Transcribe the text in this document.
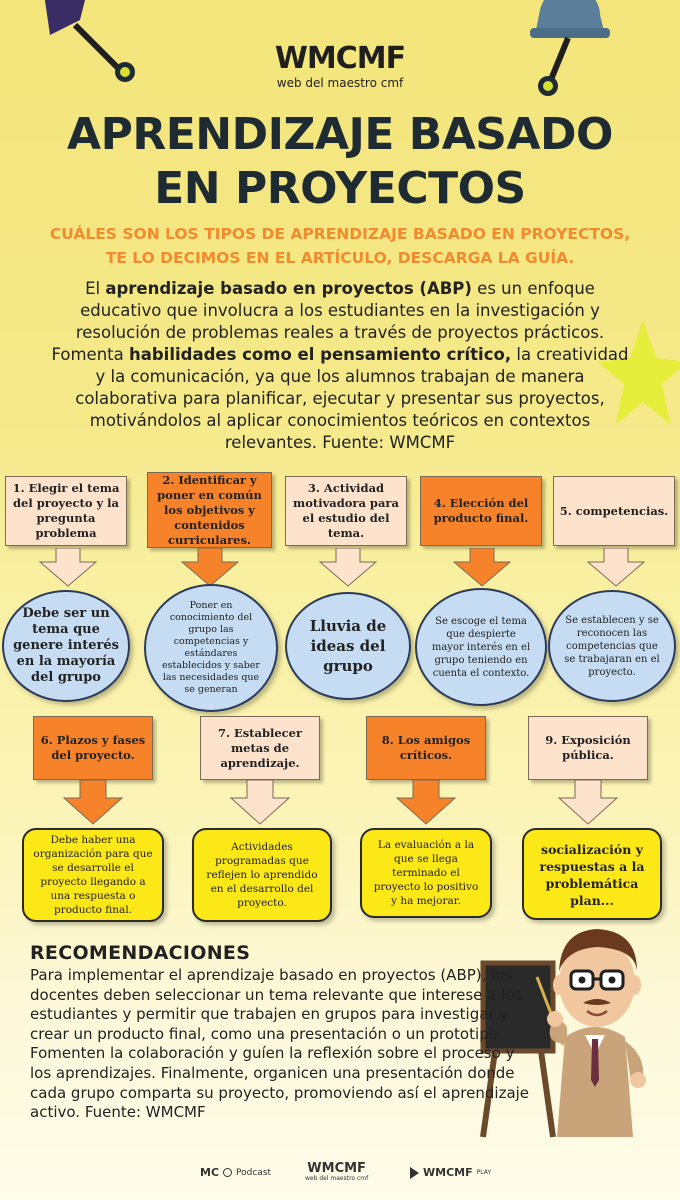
WMCMF
web del maestro cmf
APRENDIZAJE BASADO
EN PROYECTOS
CUÁLES SON LOS TIPOS DE APRENDIZAJE BASADO EN PROYECTOS,
TE LO DECIMOS EN EL ARTÍCULO, DESCARGA LA GUÍA.
El aprendizaje basado en proyectos (ABP) es un enfoque educativo que involucra a los estudiantes en la investigación y resolución de problemas reales a través de proyectos prácticos. Fomenta habilidades como el pensamiento crítico, la creatividad y la comunicación, ya que los alumnos trabajan de manera colaborativa para planificar, ejecutar y presentar sus proyectos, motivándolos al aplicar conocimientos teóricos en contextos relevantes. Fuente: WMCMF
1. Elegir el tema del proyecto y la pregunta problema
2. Identificar y poner en común los objetivos y contenidos curriculares.
3. Actividad motivadora para el estudio del tema.
4. Elección del producto final.
5. competencias.
Debe ser un tema que genere interés en la mayoría del grupo
Poner en conocimiento del grupo las competencias y estándares establecidos y saber las necesidades que se generan
Lluvia de ideas del grupo
Se escoge el tema que despierte mayor interés en el grupo teniendo en cuenta el contexto.
Se establecen y se reconocen las competencias que se trabajaran en el proyecto.
6. Plazos y fases del proyecto.
7. Establecer metas de aprendizaje.
8. Los amigos críticos.
9. Exposición pública.
Debe haber una organización para que se desarrolle el proyecto llegando a una respuesta o producto final.
Actividades programadas que reflejen lo aprendido en el desarrollo del proyecto.
La evaluación a la que se llega terminado el proyecto lo positivo y ha mejorar.
socialización y respuestas a la problemática plan...
RECOMENDACIONES
Para implementar el aprendizaje basado en proyectos (ABP), los docentes deben seleccionar un tema relevante que interese a los estudiantes y permitir que trabajen en grupos para investigar y crear un producto final, como una presentación o un prototipo. Fomenten la colaboración y guíen la reflexión sobre el proceso y los aprendizajes. Finalmente, organicen una presentación donde cada grupo comparta su proyecto, promoviendo así el aprendizaje activo. Fuente: WMCMF
MC Podcast	WMCMF
web del maestro cmf	WMCMF PLAY
